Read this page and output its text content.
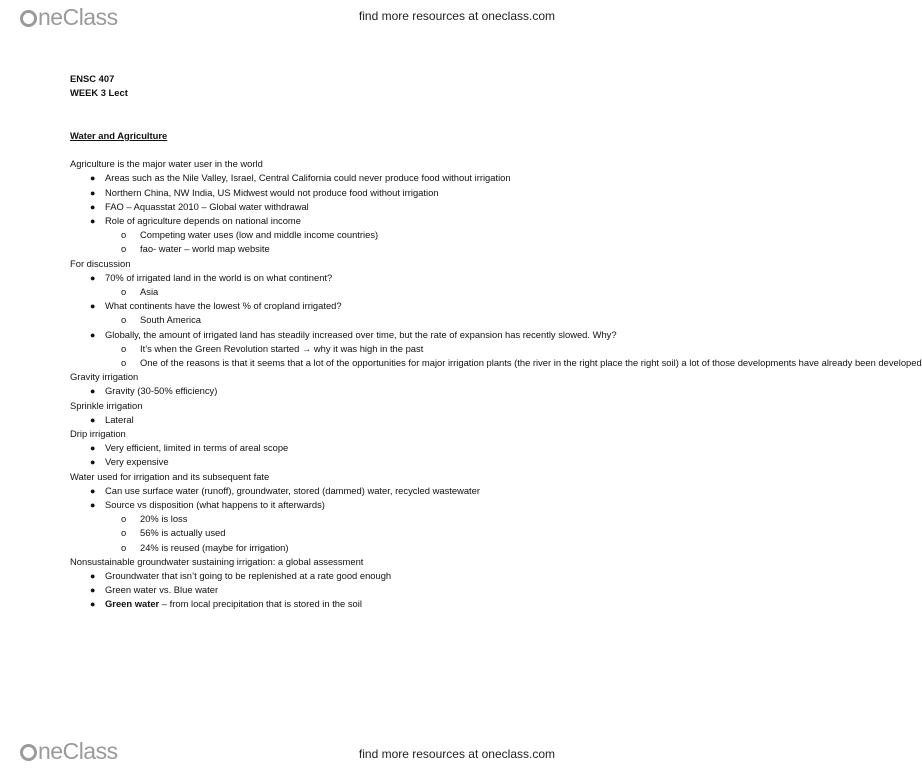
neClass	find more resources at oneclass.com
ENSC 407
WEEK 3 Lect
Water and Agriculture
Agriculture is the major water user in the world
● Areas such as the Nile Valley, Israel, Central California could never produce food without irrigation
● Northern China, NW India, US Midwest would not produce food without irrigation
● FAO – Aquasstat 2010 – Global water withdrawal
● Role of agriculture depends on national income
o Competing water uses (low and middle income countries)
o fao- water – world map website
For discussion
● 70% of irrigated land in the world is on what continent?
o Asia
● What continents have the lowest % of cropland irrigated?
o South America
● Globally, the amount of irrigated land has steadily increased over time, but the rate of expansion has recently slowed. Why?
o It’s when the Green Revolution started → why it was high in the past
o One of the reasons is that it seems that a lot of the opportunities for major irrigation plants (the river in the right place the right soil) a lot of those developments have already been developed
Gravity irrigation
● Gravity (30-50% efficiency)
Sprinkle irrigation
● Lateral
Drip irrigation
● Very efficient, limited in terms of areal scope
● Very expensive
Water used for irrigation and its subsequent fate
● Can use surface water (runoff), groundwater, stored (dammed) water, recycled wastewater
● Source vs disposition (what happens to it afterwards)
o 20% is loss
o 56% is actually used
o 24% is reused (maybe for irrigation)
Nonsustainable groundwater sustaining irrigation: a global assessment
● Groundwater that isn’t going to be replenished at a rate good enough
● Green water vs. Blue water
● Green water – from local precipitation that is stored in the soil
neClass	find more resources at oneclass.com
